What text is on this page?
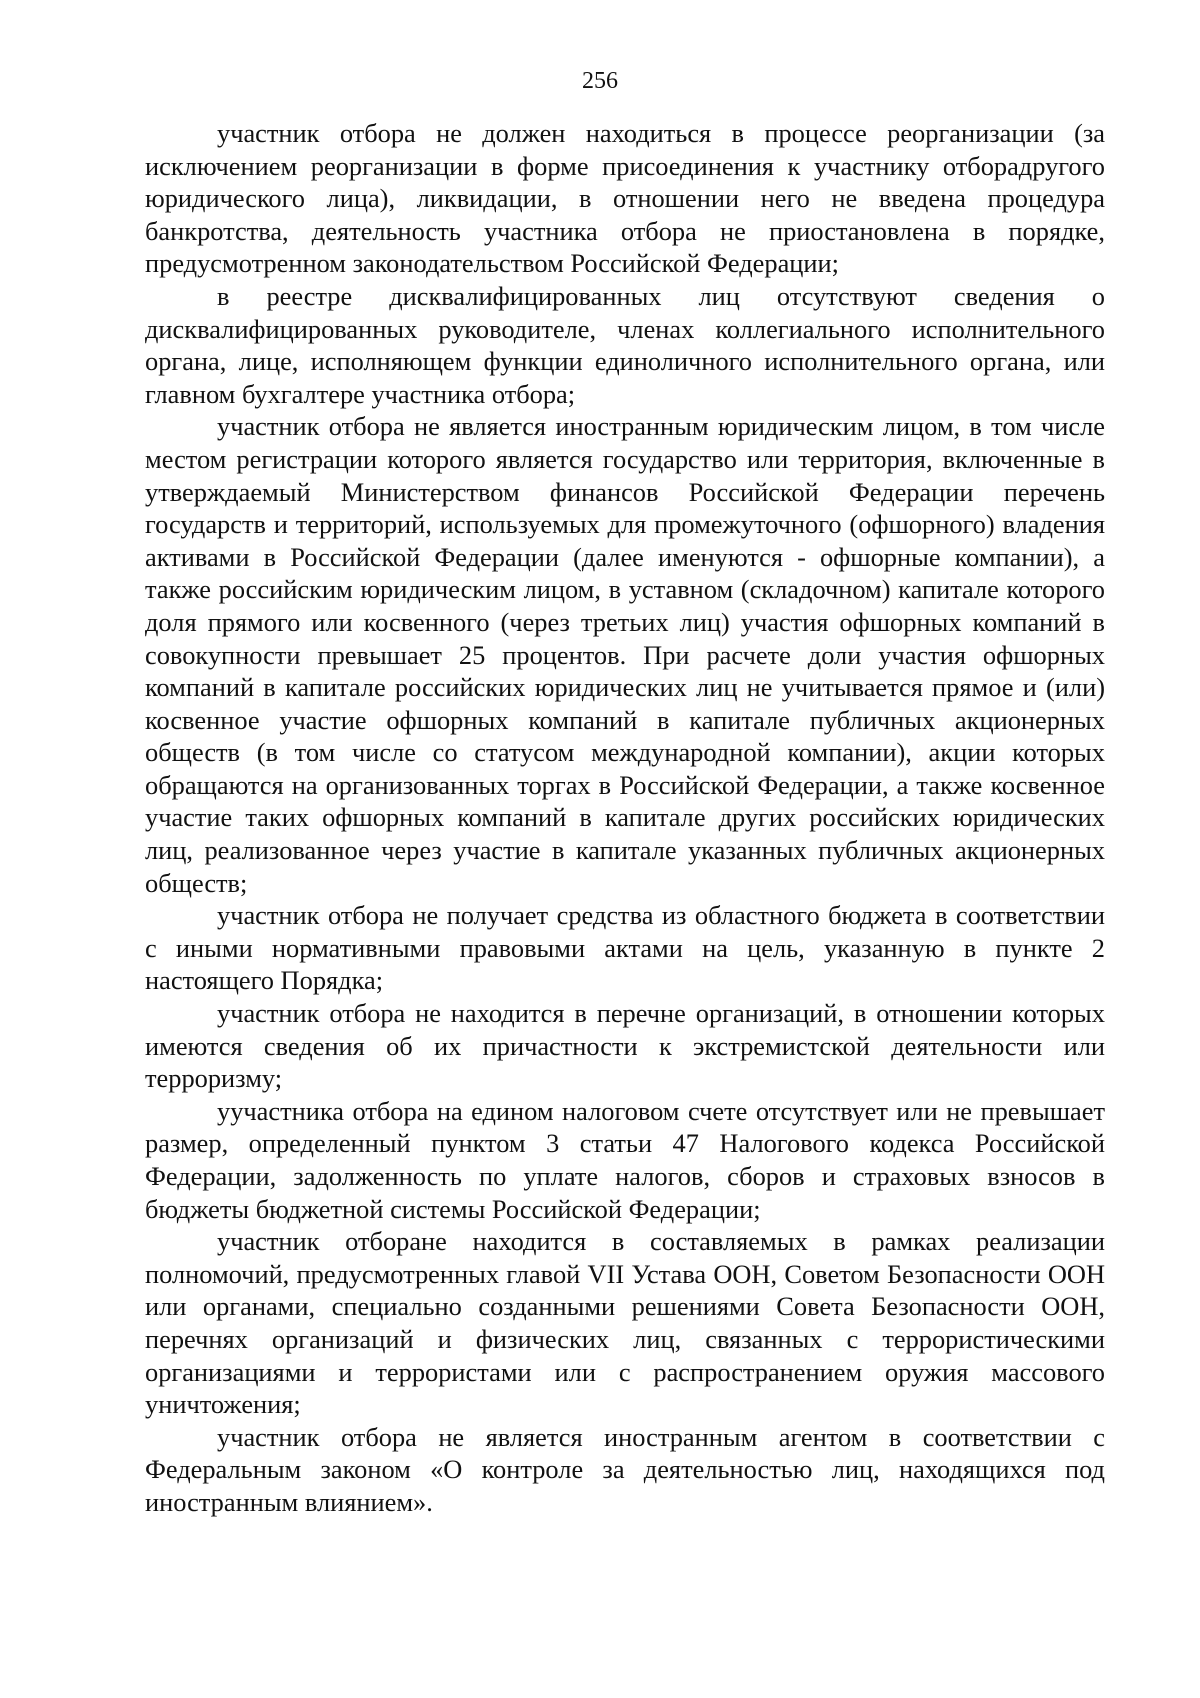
256

участник отбора не должен находиться в процессе реорганизации (за исключением реорганизации в форме присоединения к участнику отборадругого юридического лица), ликвидации, в отношении него не введена процедура банкротства, деятельность участника отбора не приостановлена в порядке, предусмотренном законодательством Российской Федерации;

в реестре дисквалифицированных лиц отсутствуют сведения о дисквалифицированных руководителе, членах коллегиального исполнительного органа, лице, исполняющем функции единоличного исполнительного органа, или главном бухгалтере участника отбора;

участник отбора не является иностранным юридическим лицом, в том числе местом регистрации которого является государство или территория, включенные в утверждаемый Министерством финансов Российской Федерации перечень государств и территорий, используемых для промежуточного (офшорного) владения активами в Российской Федерации (далее именуются - офшорные компании), а также российским юридическим лицом, в уставном (складочном) капитале которого доля прямого или косвенного (через третьих лиц) участия офшорных компаний в совокупности превышает 25 процентов. При расчете доли участия офшорных компаний в капитале российских юридических лиц не учитывается прямое и (или) косвенное участие офшорных компаний в капитале публичных акционерных обществ (в том числе со статусом международной компании), акции которых обращаются на организованных торгах в Российской Федерации, а также косвенное участие таких офшорных компаний в капитале других российских юридических лиц, реализованное через участие в капитале указанных публичных акционерных обществ;

участник отбора не получает средства из областного бюджета в соответствии с иными нормативными правовыми актами на цель, указанную в пункте 2 настоящего Порядка;

участник отбора не находится в перечне организаций, в отношении которых имеются сведения об их причастности к экстремистской деятельности или терроризму;

уучастника отбора на едином налоговом счете отсутствует или не превышает размер, определенный пунктом 3 статьи 47 Налогового кодекса Российской Федерации, задолженность по уплате налогов, сборов и страховых взносов в бюджеты бюджетной системы Российской Федерации;

участник отборане находится в составляемых в рамках реализации полномочий, предусмотренных главой VII Устава ООН, Советом Безопасности ООН или органами, специально созданными решениями Совета Безопасности ООН, перечнях организаций и физических лиц, связанных с террористическими организациями и террористами или с распространением оружия массового уничтожения;

участник отбора не является иностранным агентом в соответствии с Федеральным законом «О контроле за деятельностью лиц, находящихся под иностранным влиянием».
